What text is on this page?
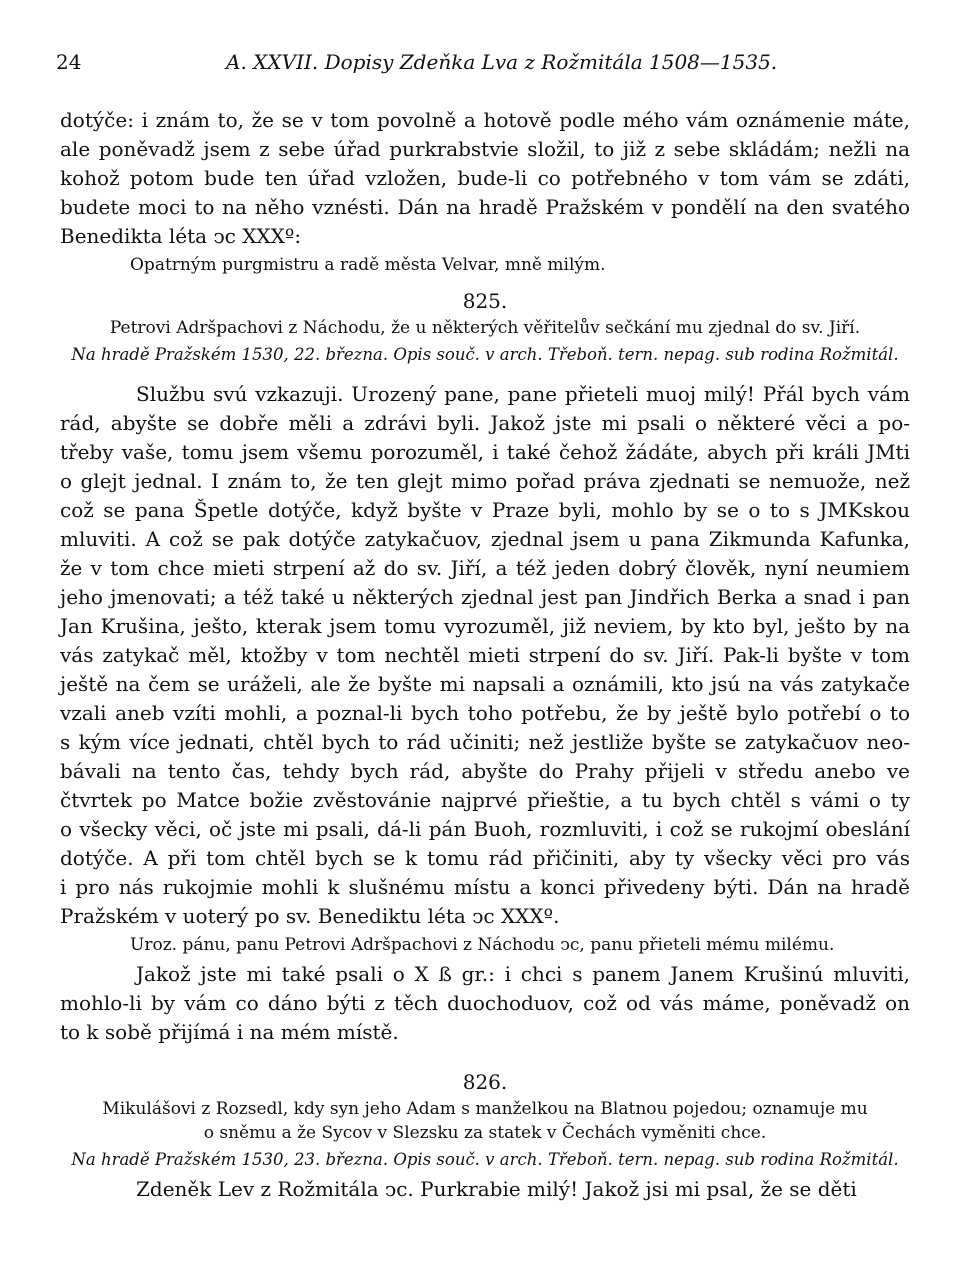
24	A. XXVII. Dopisy Zdeňka Lva z Rožmitála 1508—1535.
dotýče: i znám to, že se v tom povolně a hotově podle mého vám oznámenie máte,
ale poněvadž jsem z sebe úřad purkrabstvie složil, to již z sebe skládám; nežli na
kohož potom bude ten úřad vzložen, bude-li co potřebného v tom vám se zdáti,
budete moci to na něho vznésti. Dán na hradě Pražském v pondělí na den svatého
Benedikta léta ↄc XXXº:
Opatrným purgmistru a radě města Velvar, mně milým.
825.
Petrovi Adršpachovi z Náchodu, že u některých věřitelův sečkání mu zjednal do sv. Jiří.
Na hradě Pražském 1530, 22. března. Opis souč. v arch. Třeboň. tern. nepag. sub rodina Rožmitál.
Službu svú vzkazuji. Urozený pane, pane přieteli muoj milý! Přál bych vám
rád, abyšte se dobře měli a zdrávi byli. Jakož jste mi psali o některé věci a po-
třeby vaše, tomu jsem všemu porozuměl, i také čehož žádáte, abych při králi JMti
o glejt jednal. I znám to, že ten glejt mimo pořad práva zjednati se nemuože, než
což se pana Špetle dotýče, když byšte v Praze byli, mohlo by se o to s JMKskou
mluviti. A což se pak dotýče zatykačuov, zjednal jsem u pana Zikmunda Kafunka,
že v tom chce mieti strpení až do sv. Jiří, a též jeden dobrý člověk, nyní neumiem
jeho jmenovati; a též také u některých zjednal jest pan Jindřich Berka a snad i pan
Jan Krušina, ješto, kterak jsem tomu vyrozuměl, již neviem, by kto byl, ješto by na
vás zatykač měl, ktožby v tom nechtěl mieti strpení do sv. Jiří. Pak-li byšte v tom
ještě na čem se uráželi, ale že byšte mi napsali a oznámili, kto jsú na vás zatykače
vzali aneb vzíti mohli, a poznal-li bych toho potřebu, že by ještě bylo potřebí o to
s kým více jednati, chtěl bych to rád učiniti; než jestliže byšte se zatykačuov neo-
bávali na tento čas, tehdy bych rád, abyšte do Prahy přijeli v středu anebo ve
čtvrtek po Matce božie zvěstovánie najprvé přieštie, a tu bych chtěl s vámi o ty
o všecky věci, oč jste mi psali, dá-li pán Buoh, rozmluviti, i což se rukojmí obeslání
dotýče. A při tom chtěl bych se k tomu rád přičiniti, aby ty všecky věci pro vás
i pro nás rukojmie mohli k slušnému místu a konci přivedeny býti. Dán na hradě
Pražském v uoterý po sv. Benediktu léta ↄc XXXº.
Uroz. pánu, panu Petrovi Adršpachovi z Náchodu ↄc, panu přieteli mému milému.
Jakož jste mi také psali o X ß gr.: i chci s panem Janem Krušinú mluviti,
mohlo-li by vám co dáno býti z těch duochoduov, což od vás máme, poněvadž on
to k sobě přijímá i na mém místě.
826.
Mikulášovi z Rozsedl, kdy syn jeho Adam s manželkou na Blatnou pojedou; oznamuje mu
o sněmu a že Sycov v Slezsku za statek v Čechách vyměniti chce.
Na hradě Pražském 1530, 23. března. Opis souč. v arch. Třeboň. tern. nepag. sub rodina Rožmitál.
Zdeněk Lev z Rožmitála ↄc. Purkrabie milý! Jakož jsi mi psal, že se děti
